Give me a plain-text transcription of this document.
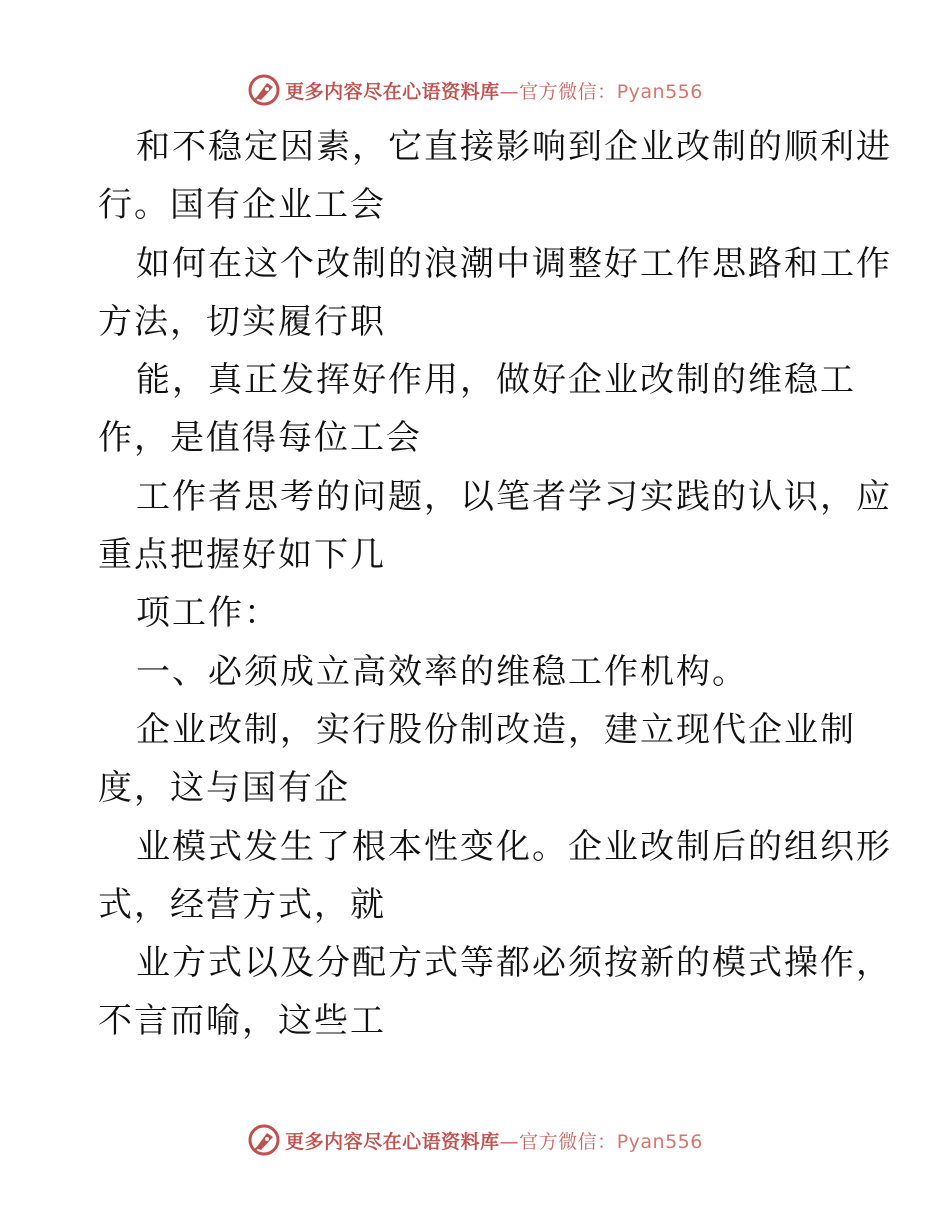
更多内容尽在心语资料库—官方微信：Pyan556
和不稳定因素，它直接影响到企业改制的顺利进
行。国有企业工会
如何在这个改制的浪潮中调整好工作思路和工作
方法，切实履行职
能，真正发挥好作用，做好企业改制的维稳工
作，是值得每位工会
工作者思考的问题，以笔者学习实践的认识，应
重点把握好如下几
项工作：
一、必须成立高效率的维稳工作机构。
企业改制，实行股份制改造，建立现代企业制
度，这与国有企
业模式发生了根本性变化。企业改制后的组织形
式，经营方式，就
业方式以及分配方式等都必须按新的模式操作，
不言而喻，这些工
更多内容尽在心语资料库—官方微信：Pyan556
